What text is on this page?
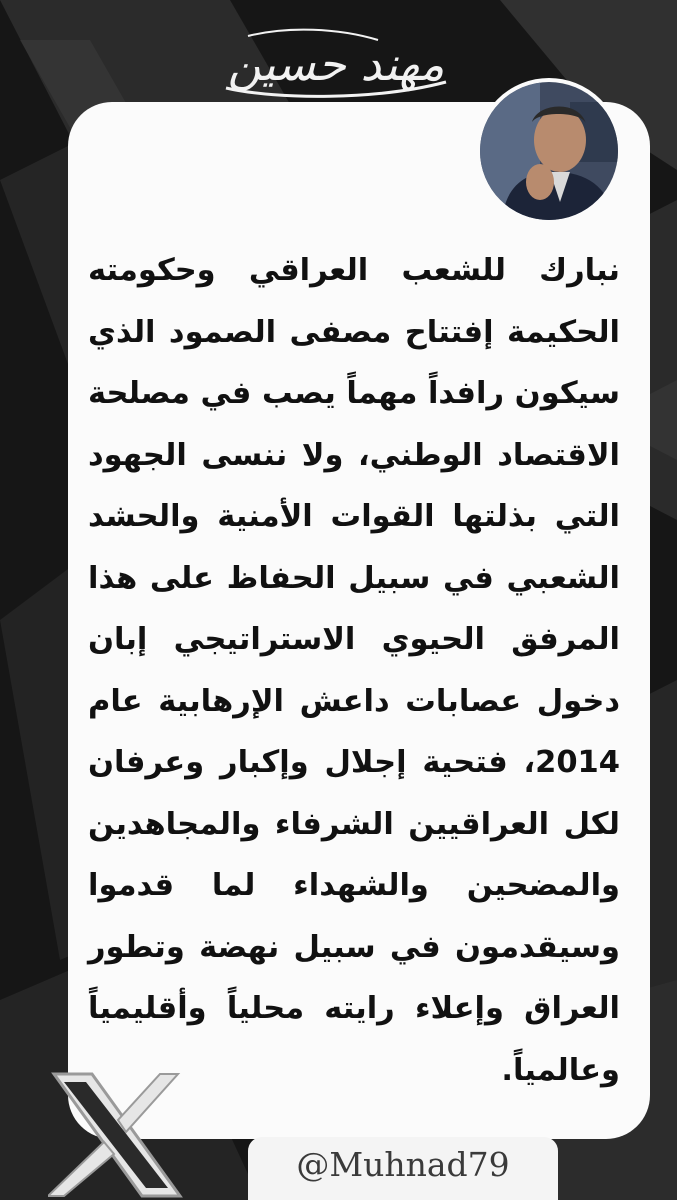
مهند حسين

نبارك للشعب العراقي وحكومته الحكيمة إفتتاح مصفى الصمود الذي سيكون رافداً مهماً يصب في مصلحة الاقتصاد الوطني، ولا ننسى الجهود التي بذلتها القوات الأمنية والحشد الشعبي في سبيل الحفاظ على هذا المرفق الحيوي الاستراتيجي إبان دخول عصابات داعش الإرهابية عام 2014، فتحية إجلال وإكبار وعرفان لكل العراقيين الشرفاء والمجاهدين والمضحين والشهداء لما قدموا وسيقدمون في سبيل نهضة وتطور العراق وإعلاء رايته محلياً وأقليمياً وعالمياً.

@Muhnad79
